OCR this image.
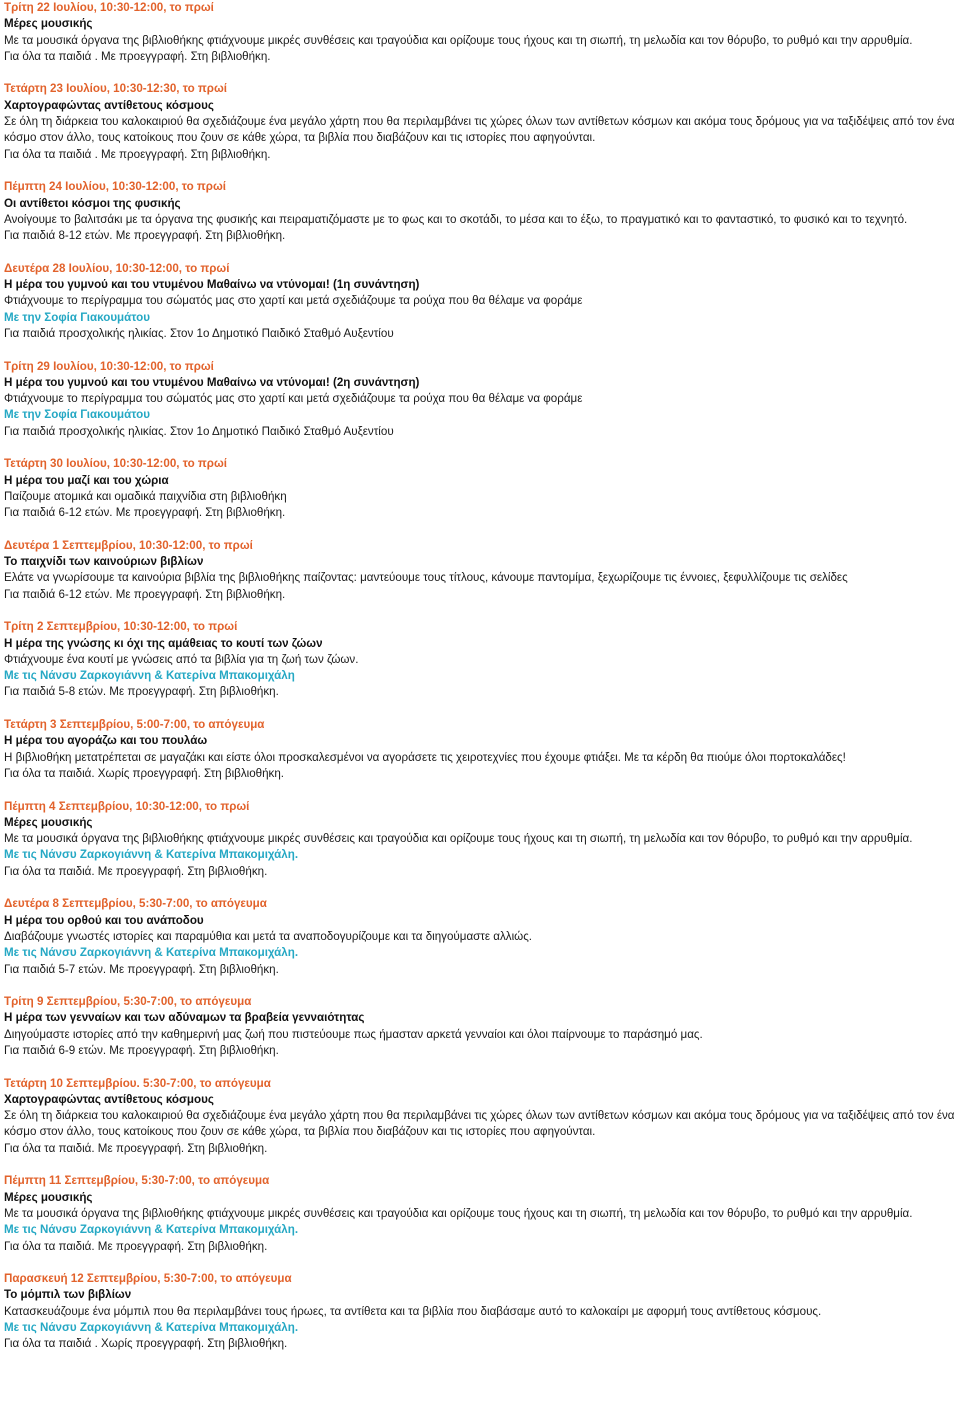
Τρίτη 22 Ιουλίου, 10:30-12:00, το πρωί

Μέρες μουσικής

Με τα μουσικά όργανα της βιβλιοθήκης φτιάχνουμε μικρές συνθέσεις και τραγούδια και ορίζουμε τους ήχους και τη σιωπή, τη μελωδία και τον θόρυβο, το ρυθμό και την αρρυθμία.

Για όλα τα παιδιά . Με προεγγραφή. Στη βιβλιοθήκη.

Τετάρτη 23 Ιουλίου, 10:30-12:30, το πρωί

Χαρτογραφώντας αντίθετους κόσμους

Σε όλη τη διάρκεια του καλοκαιριού θα σχεδιάζουμε ένα μεγάλο χάρτη που θα περιλαμβάνει τις χώρες όλων των αντίθετων κόσμων και ακόμα τους δρόμους για να ταξιδέψεις από τον ένα κόσμο στον άλλο, τους κατοίκους που ζουν σε κάθε χώρα, τα βιβλία που διαβάζουν και τις ιστορίες που αφηγούνται.

Για όλα τα παιδιά . Με προεγγραφή. Στη βιβλιοθήκη.

Πέμπτη 24 Ιουλίου, 10:30-12:00, το πρωί

Οι αντίθετοι κόσμοι της φυσικής

Ανοίγουμε το βαλιτσάκι με τα όργανα της φυσικής και πειραματιζόμαστε με το φως και το σκοτάδι, το μέσα και το έξω, το πραγματικό και το φανταστικό, το φυσικό και το τεχνητό.

Για παιδιά 8-12 ετών. Με προεγγραφή. Στη βιβλιοθήκη.

Δευτέρα 28 Ιουλίου, 10:30-12:00, το πρωί

Η μέρα του γυμνού και του ντυμένου Μαθαίνω να ντύνομαι! (1η συνάντηση)

Φτιάχνουμε το περίγραμμα του σώματός μας στο χαρτί και μετά σχεδιάζουμε τα ρούχα που θα θέλαμε να φοράμε

Με την Σοφία Γιακουμάτου

Για παιδιά προσχολικής ηλικίας. Στον 1ο Δημοτικό Παιδικό Σταθμό Αυξεντίου

Τρίτη 29 Ιουλίου, 10:30-12:00, το πρωί

Η μέρα του γυμνού και του ντυμένου Μαθαίνω να ντύνομαι! (2η συνάντηση)

Φτιάχνουμε το περίγραμμα του σώματός μας στο χαρτί και μετά σχεδιάζουμε τα ρούχα που θα θέλαμε να φοράμε

Με την Σοφία Γιακουμάτου

Για παιδιά προσχολικής ηλικίας. Στον 1ο Δημοτικό Παιδικό Σταθμό Αυξεντίου

Τετάρτη 30 Ιουλίου, 10:30-12:00, το πρωί

Η μέρα του μαζί και του χώρια

Παίζουμε ατομικά και ομαδικά παιχνίδια στη βιβλιοθήκη

Για παιδιά 6-12 ετών. Με προεγγραφή. Στη βιβλιοθήκη.

Δευτέρα 1 Σεπτεμβρίου, 10:30-12:00, το πρωί

Το παιχνίδι των καινούριων βιβλίων

Ελάτε να γνωρίσουμε τα καινούρια βιβλία της βιβλιοθήκης παίζοντας: μαντεύουμε τους τίτλους, κάνουμε παντομίμα, ξεχωρίζουμε τις έννοιες, ξεφυλλίζουμε τις σελίδες

Για παιδιά 6-12 ετών. Με προεγγραφή. Στη βιβλιοθήκη.

Τρίτη 2 Σεπτεμβρίου, 10:30-12:00, το πρωί

Η μέρα της γνώσης κι όχι της αμάθειας το κουτί των ζώων

Φτιάχνουμε ένα κουτί με γνώσεις από τα βιβλία για τη ζωή των ζώων.

Με τις Νάνσυ Ζαρκογιάννη & Κατερίνα Μπακομιχάλη

Για παιδιά 5-8 ετών. Με προεγγραφή. Στη βιβλιοθήκη.

Τετάρτη 3 Σεπτεμβρίου, 5:00-7:00, το απόγευμα

Η μέρα του αγοράζω και του πουλάω

Η βιβλιοθήκη μετατρέπεται σε μαγαζάκι και είστε όλοι προσκαλεσμένοι να αγοράσετε τις χειροτεχνίες που έχουμε φτιάξει. Με τα κέρδη θα πιούμε όλοι πορτοκαλάδες!

Για όλα τα παιδιά. Χωρίς προεγγραφή. Στη βιβλιοθήκη.

Πέμπτη 4 Σεπτεμβρίου, 10:30-12:00, το πρωί

Μέρες μουσικής

Με τα μουσικά όργανα της βιβλιοθήκης φτιάχνουμε μικρές συνθέσεις και τραγούδια και ορίζουμε τους ήχους και τη σιωπή, τη μελωδία και τον θόρυβο, το ρυθμό και την αρρυθμία.

Με τις Νάνσυ Ζαρκογιάννη & Κατερίνα Μπακομιχάλη.

Για όλα τα παιδιά. Με προεγγραφή. Στη βιβλιοθήκη.

Δευτέρα 8 Σεπτεμβρίου, 5:30-7:00, το απόγευμα

Η μέρα του ορθού και του ανάποδου

Διαβάζουμε γνωστές ιστορίες και παραμύθια και μετά τα αναποδογυρίζουμε και τα διηγούμαστε αλλιώς.

Με τις Νάνσυ Ζαρκογιάννη & Κατερίνα Μπακομιχάλη.

Για παιδιά 5-7 ετών. Με προεγγραφή. Στη βιβλιοθήκη.

Τρίτη 9 Σεπτεμβρίου, 5:30-7:00, το απόγευμα

Η μέρα των γενναίων και των αδύναμων τα βραβεία γενναιότητας

Διηγούμαστε ιστορίες από την καθημερινή μας ζωή που πιστεύουμε πως ήμασταν αρκετά γενναίοι και όλοι παίρνουμε το παράσημό μας.

Για παιδιά 6-9 ετών. Με προεγγραφή. Στη βιβλιοθήκη.

Τετάρτη 10 Σεπτεμβρίου. 5:30-7:00, το απόγευμα

Χαρτογραφώντας αντίθετους κόσμους

Σε όλη τη διάρκεια του καλοκαιριού θα σχεδιάζουμε ένα μεγάλο χάρτη που θα περιλαμβάνει τις χώρες όλων των αντίθετων κόσμων και ακόμα τους δρόμους για να ταξιδέψεις από τον ένα κόσμο στον άλλο, τους κατοίκους που ζουν σε κάθε χώρα, τα βιβλία που διαβάζουν και τις ιστορίες που αφηγούνται.

Για όλα τα παιδιά. Με προεγγραφή. Στη βιβλιοθήκη.

Πέμπτη 11 Σεπτεμβρίου, 5:30-7:00, το απόγευμα

Μέρες μουσικής

Με τα μουσικά όργανα της βιβλιοθήκης φτιάχνουμε μικρές συνθέσεις και τραγούδια και ορίζουμε τους ήχους και τη σιωπή, τη μελωδία και τον θόρυβο, το ρυθμό και την αρρυθμία.

Με τις Νάνσυ Ζαρκογιάννη & Κατερίνα Μπακομιχάλη.

Για όλα τα παιδιά. Με προεγγραφή. Στη βιβλιοθήκη.

Παρασκευή 12 Σεπτεμβρίου, 5:30-7:00, το απόγευμα

Το μόμπιλ των βιβλίων

Κατασκευάζουμε ένα μόμπιλ που θα περιλαμβάνει τους ήρωες, τα αντίθετα και τα βιβλία που διαβάσαμε αυτό το καλοκαίρι με αφορμή τους αντίθετους κόσμους.

Με τις Νάνσυ Ζαρκογιάννη & Κατερίνα Μπακομιχάλη.

Για όλα τα παιδιά . Χωρίς προεγγραφή. Στη βιβλιοθήκη.
